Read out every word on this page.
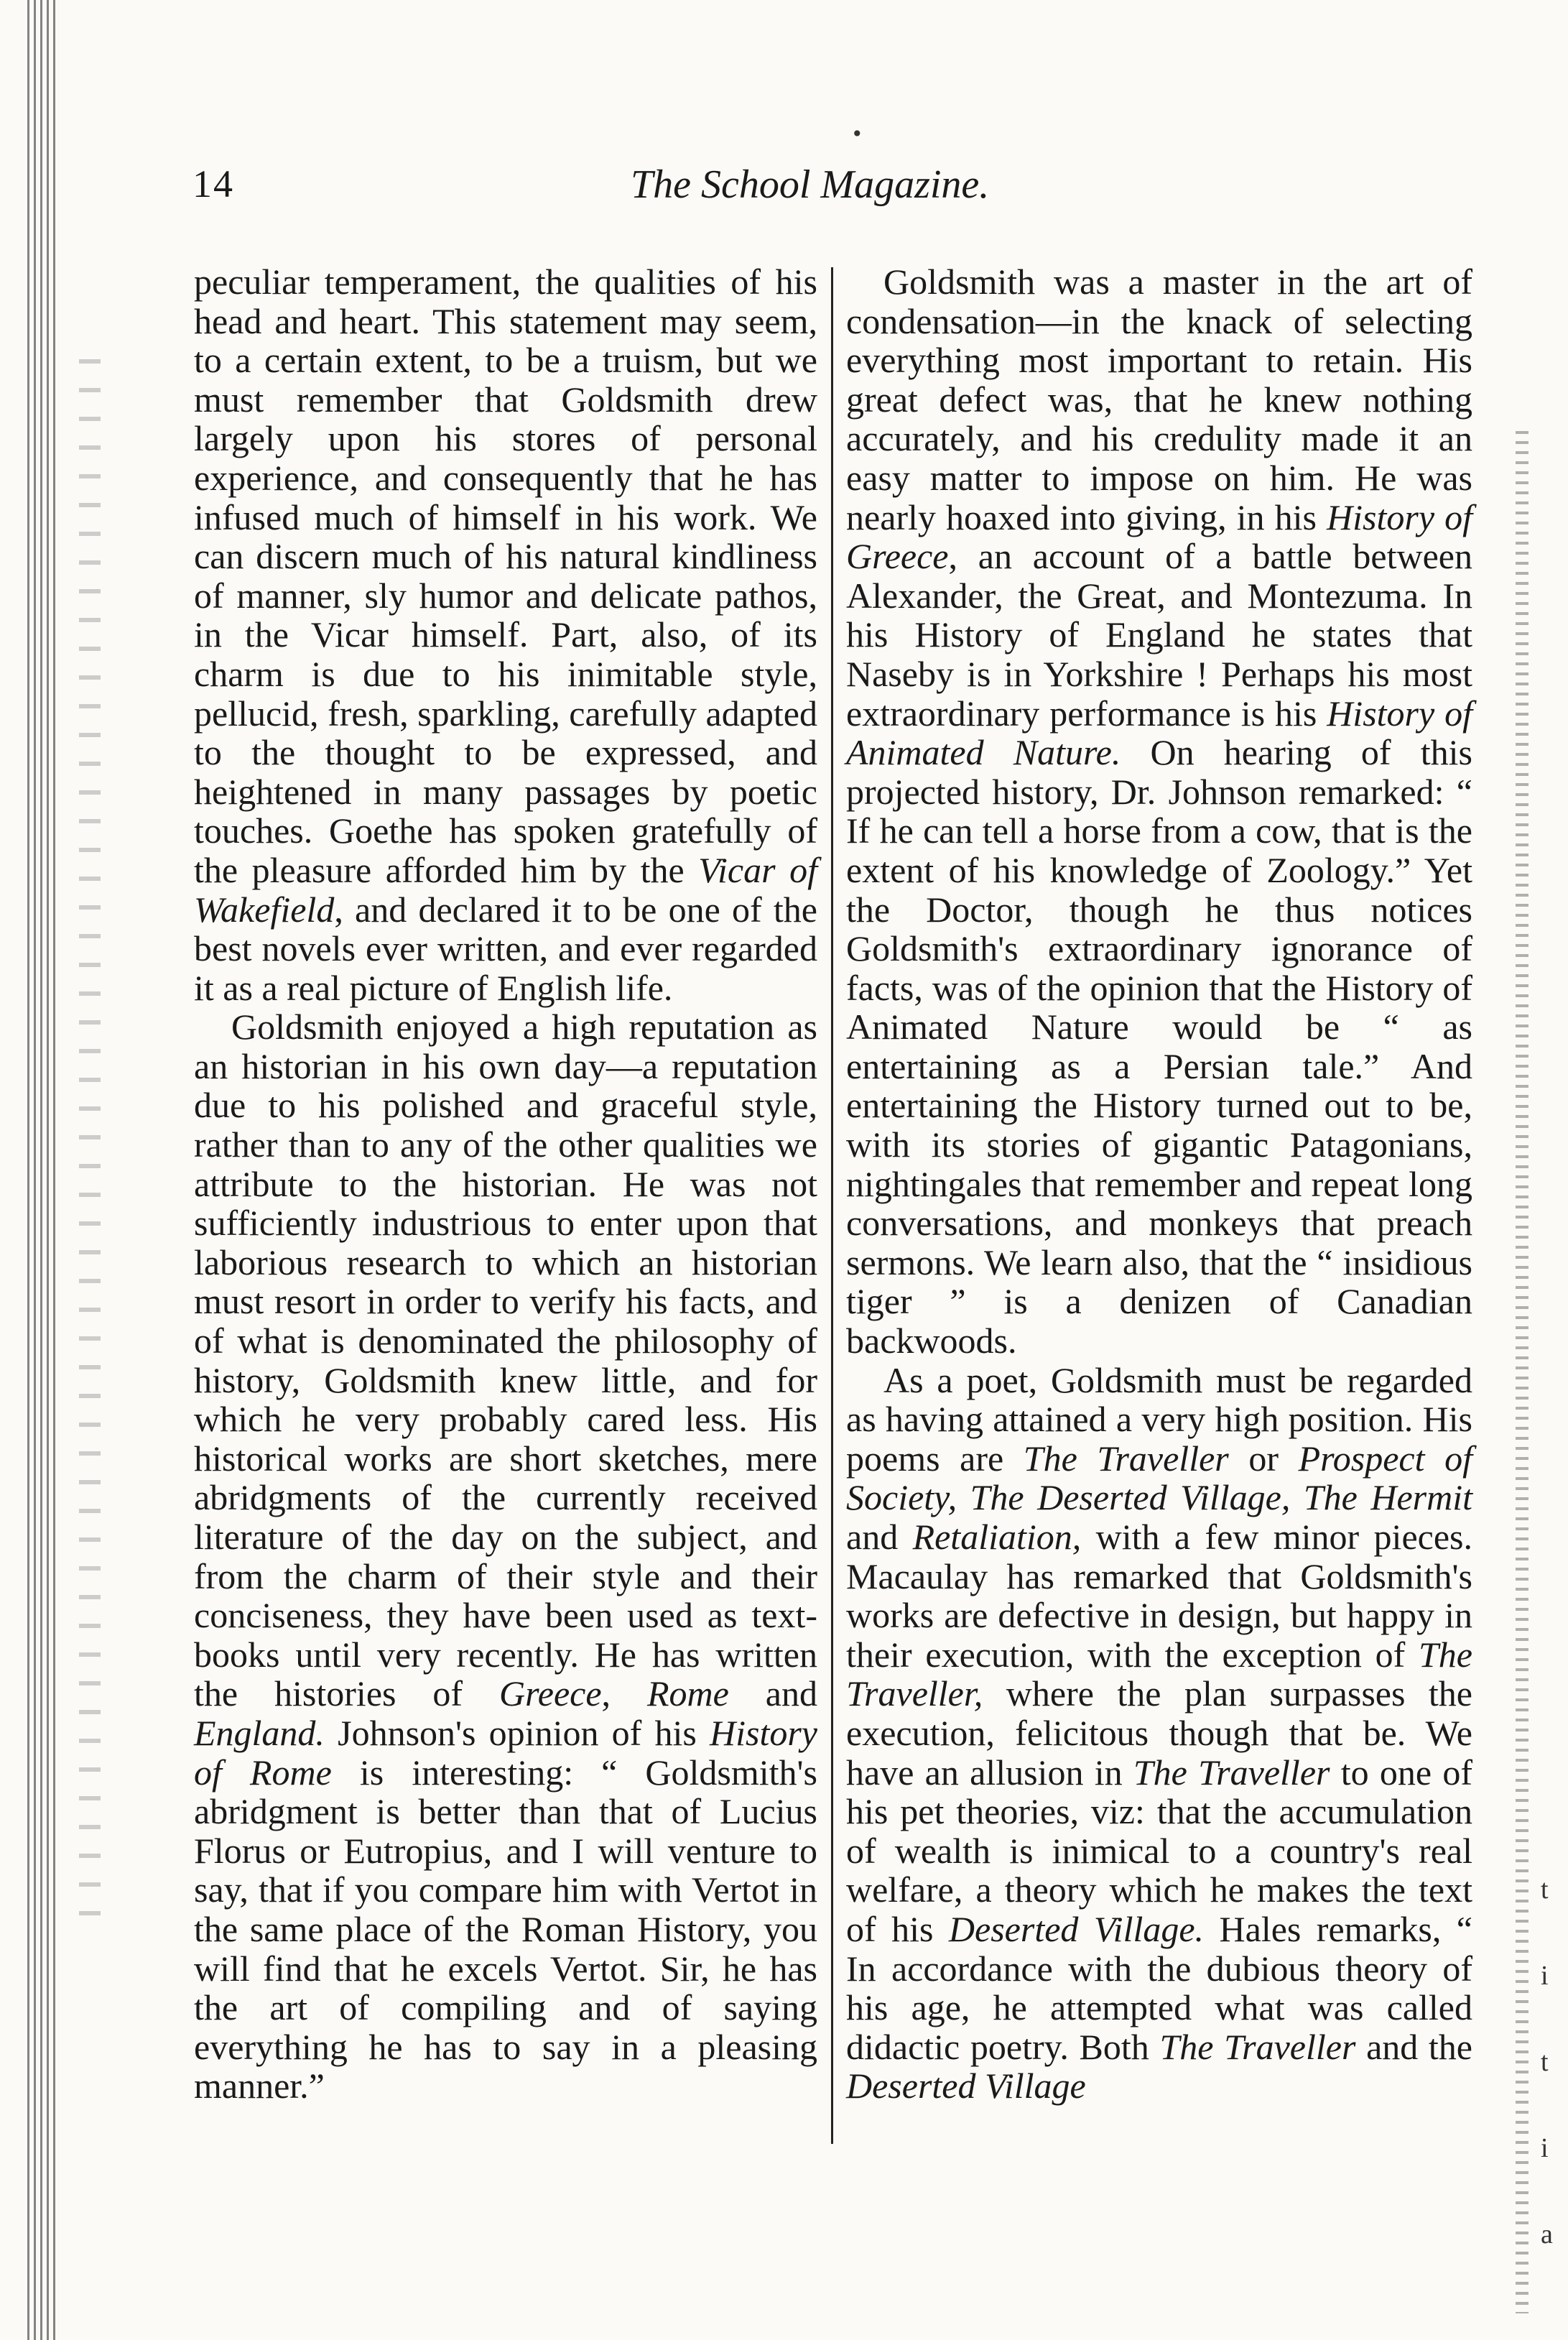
t i t i a
•
14	The School Magazine.

peculiar temperament, the qualities of his head and heart. This statement may seem, to a certain extent, to be a truism, but we must remember that Goldsmith drew largely upon his stores of personal experience, and consequently that he has infused much of himself in his work. We can discern much of his natural kindliness of manner, sly humor and delicate pathos, in the Vicar himself. Part, also, of its charm is due to his inimitable style, pellucid, fresh, sparkling, carefully adapted to the thought to be expressed, and heightened in many passages by poetic touches. Goethe has spoken gratefully of the pleasure afforded him by the Vicar of Wakefield, and declared it to be one of the best novels ever written, and ever regarded it as a real picture of English life.

Goldsmith enjoyed a high reputation as an historian in his own day—a reputation due to his polished and graceful style, rather than to any of the other qualities we attribute to the historian. He was not sufficiently industrious to enter upon that laborious research to which an historian must resort in order to verify his facts, and of what is denominated the philosophy of history, Goldsmith knew little, and for which he very probably cared less. His historical works are short sketches, mere abridgments of the currently received literature of the day on the subject, and from the charm of their style and their conciseness, they have been used as text-books until very recently. He has written the histories of Greece, Rome and England. Johnson's opinion of his History of Rome is interesting: “ Goldsmith's abridgment is better than that of Lucius Florus or Eutropius, and I will venture to say, that if you compare him with Vertot in the same place of the Roman History, you will find that he excels Vertot. Sir, he has the art of compiling and of saying everything he has to say in a pleasing manner.”

Goldsmith was a master in the art of condensation—in the knack of selecting everything most important to retain. His great defect was, that he knew nothing accurately, and his credulity made it an easy matter to impose on him. He was nearly hoaxed into giving, in his History of Greece, an account of a battle between Alexander, the Great, and Montezuma. In his History of England he states that Naseby is in Yorkshire ! Perhaps his most extraordinary performance is his History of Animated Nature. On hearing of this projected history, Dr. Johnson remarked: “ If he can tell a horse from a cow, that is the extent of his knowledge of Zoology.” Yet the Doctor, though he thus notices Goldsmith's extraordinary ignorance of facts, was of the opinion that the History of Animated Nature would be “ as entertaining as a Persian tale.” And entertaining the History turned out to be, with its stories of gigantic Patagonians, nightingales that remember and repeat long conversations, and monkeys that preach sermons. We learn also, that the “ insidious tiger ” is a denizen of Canadian backwoods.

As a poet, Goldsmith must be regarded as having attained a very high position. His poems are The Traveller or Prospect of Society, The Deserted Village, The Hermit and Retaliation, with a few minor pieces. Macaulay has remarked that Goldsmith's works are defective in design, but happy in their execution, with the exception of The Traveller, where the plan surpasses the execution, felicitous though that be. We have an allusion in The Traveller to one of his pet theories, viz: that the accumulation of wealth is inimical to a country's real welfare, a theory which he makes the text of his Deserted Village. Hales remarks, “ In accordance with the dubious theory of his age, he attempted what was called didactic poetry. Both The Traveller and the Deserted Village
